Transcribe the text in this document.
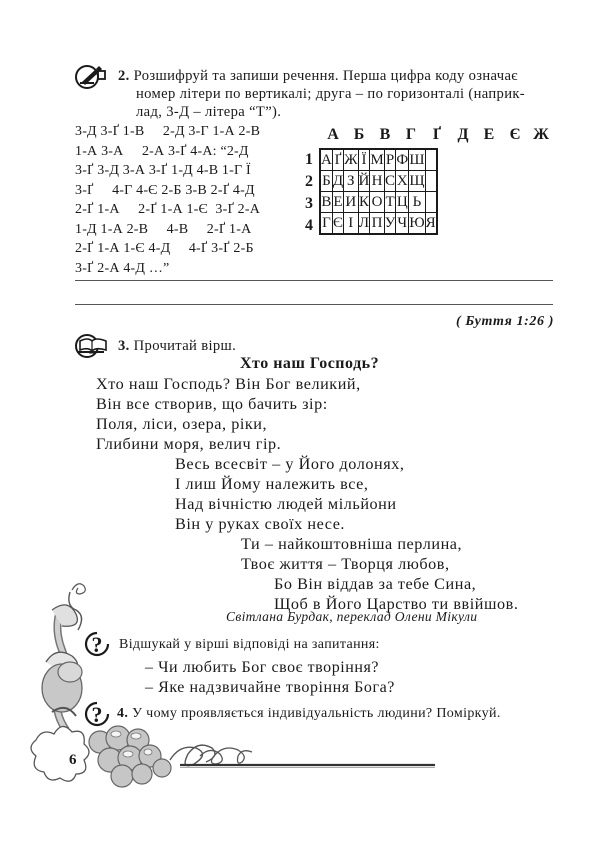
2. Розшифруй та запиши речення. Перша цифра коду означає
номер літери по вертикалі; друга – по горизонталі (наприк-
лад, 3-Д – літера “Т”).
3-Д 3-Ґ 1-В     2-Д 3-Г 1-А 2-В
1-А 3-А     2-А 3-Ґ 4-А: “2-Д
3-Ґ 3-Д 3-А 3-Ґ 1-Д 4-В 1-Г Ї
3-Ґ     4-Г 4-Є 2-Б 3-В 2-Ґ 4-Д
2-Ґ 1-А     2-Ґ 1-А 1-Є  3-Ґ 2-А
1-Д 1-А 2-В     4-В     2-Ґ 1-А
2-Ґ 1-А 1-Є 4-Д     4-Ґ 3-Ґ 2-Б
3-Ґ 2-А 4-Д …”
А Б В Г	Ґ	Д Е Є Ж
1
2
3
4
А	Ґ	Ж	Ї	М	Р	Ф	Ш	
Б	Д	З	Й	Н	С	Х	Щ	
В	Е	И	К	О	Т	Ц	Ь	
Г	Є	І	Л	П	У	Ч	Ю	Я
( Буття 1:26 )
3. Прочитай вірш.
Хто наш Господь?
Хто наш Господь? Він Бог великий,
Він все створив, що бачить зір:
Поля, ліси, озера, ріки,
Глибини моря, велич гір.
Весь всесвіт – у Його долонях,
І лиш Йому належить все,
Над вічністю людей мільйони
Він у руках своїх несе.
Ти – найкоштовніша перлина,
Твоє життя – Творця любов,
Бо Він віддав за тебе Сина,
Щоб в Його Царство ти ввійшов.
Світлана Бурдак, переклад Олени Мікули
? Відшукай у вірші відповіді на запитання:
– Чи любить Бог своє творіння?
– Яке надзвичайне творіння Бога?
? 4. У чому проявляється індивідуальність людини? Поміркуй.
6
